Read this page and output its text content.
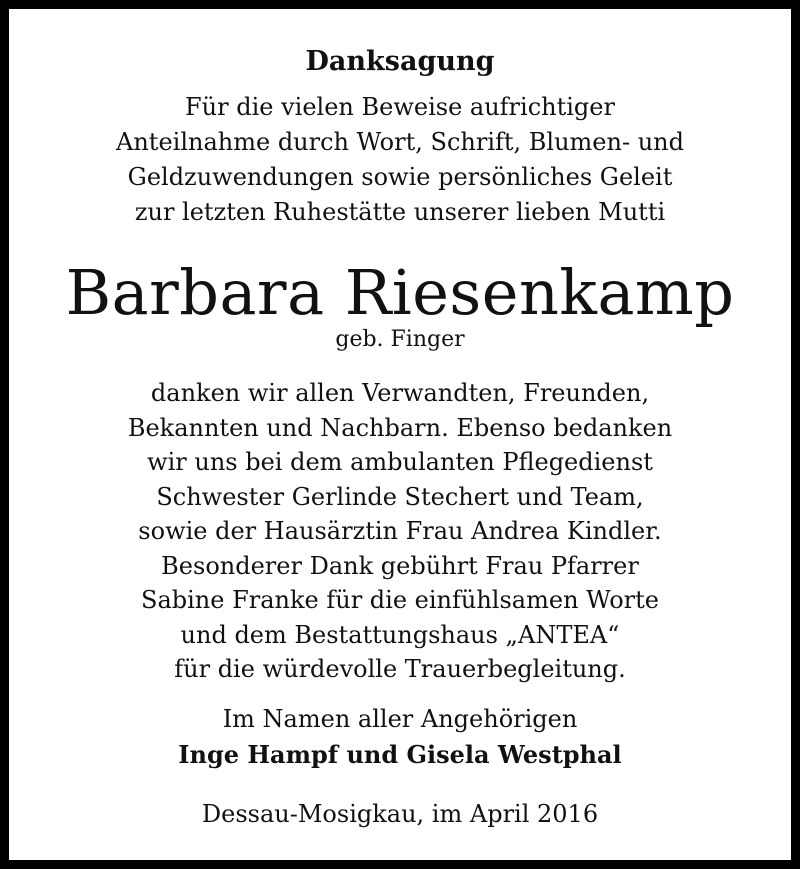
Danksagung
Für die vielen Beweise aufrichtiger
Anteilnahme durch Wort, Schrift, Blumen- und
Geldzuwendungen sowie persönliches Geleit
zur letzten Ruhestätte unserer lieben Mutti
Barbara Riesenkamp
geb. Finger
danken wir allen Verwandten, Freunden,
Bekannten und Nachbarn. Ebenso bedanken
wir uns bei dem ambulanten Pflegedienst
Schwester Gerlinde Stechert und Team,
sowie der Hausärztin Frau Andrea Kindler.
Besonderer Dank gebührt Frau Pfarrer
Sabine Franke für die einfühlsamen Worte
und dem Bestattungshaus „ANTEA“
für die würdevolle Trauerbegleitung.
Im Namen aller Angehörigen
Inge Hampf und Gisela Westphal
Dessau-Mosigkau, im April 2016
